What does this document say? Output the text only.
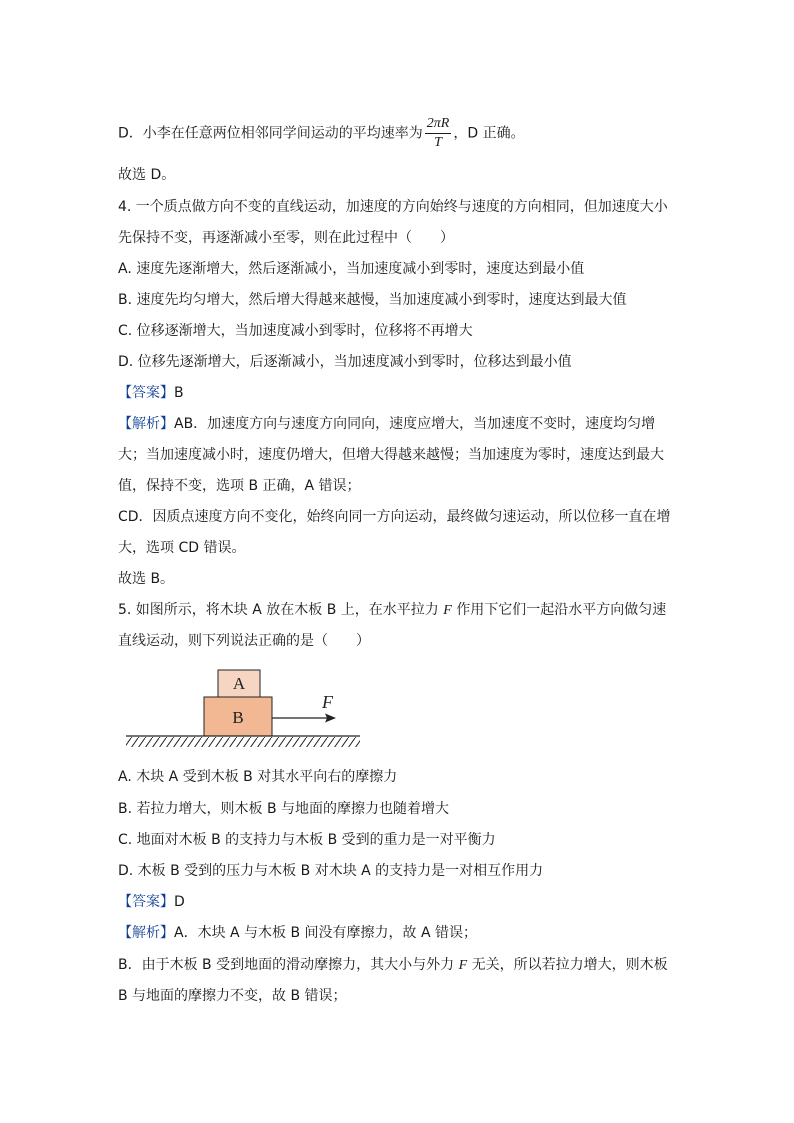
D．小李在任意两位相邻同学间运动的平均速率为 $\frac{2\pi R}{T}$ ，D 正确。

故选 D。

4. 一个质点做方向不变的直线运动，加速度的方向始终与速度的方向相同，但加速度大小

先保持不变，再逐渐减小至零，则在此过程中（　　）

A. 速度先逐渐增大，然后逐渐减小，当加速度减小到零时，速度达到最小值

B. 速度先均匀增大，然后增大得越来越慢，当加速度减小到零时，速度达到最大值

C. 位移逐渐增大，当加速度减小到零时，位移将不再增大

D. 位移先逐渐增大，后逐渐减小，当加速度减小到零时，位移达到最小值

【答案】B

【解析】AB．加速度方向与速度方向同向，速度应增大，当加速度不变时，速度均匀增

大；当加速度减小时，速度仍增大，但增大得越来越慢；当加速度为零时，速度达到最大

值，保持不变，选项 B 正确，A 错误；

CD．因质点速度方向不变化，始终向同一方向运动，最终做匀速运动，所以位移一直在增

大，选项 CD 错误。

故选 B。

5. 如图所示，将木块 A 放在木板 B 上，在水平拉力 F 作用下它们一起沿水平方向做匀速

直线运动，则下列说法正确的是（　　）

A
B
F

A. 木块 A 受到木板 B 对其水平向右的摩擦力

B. 若拉力增大，则木板 B 与地面的摩擦力也随着增大

C. 地面对木板 B 的支持力与木板 B 受到的重力是一对平衡力

D. 木板 B 受到的压力与木板 B 对木块 A 的支持力是一对相互作用力

【答案】D

【解析】A．木块 A 与木板 B 间没有摩擦力，故 A 错误；

B．由于木板 B 受到地面的滑动摩擦力，其大小与外力 F 无关，所以若拉力增大，则木板

B 与地面的摩擦力不变，故 B 错误；
